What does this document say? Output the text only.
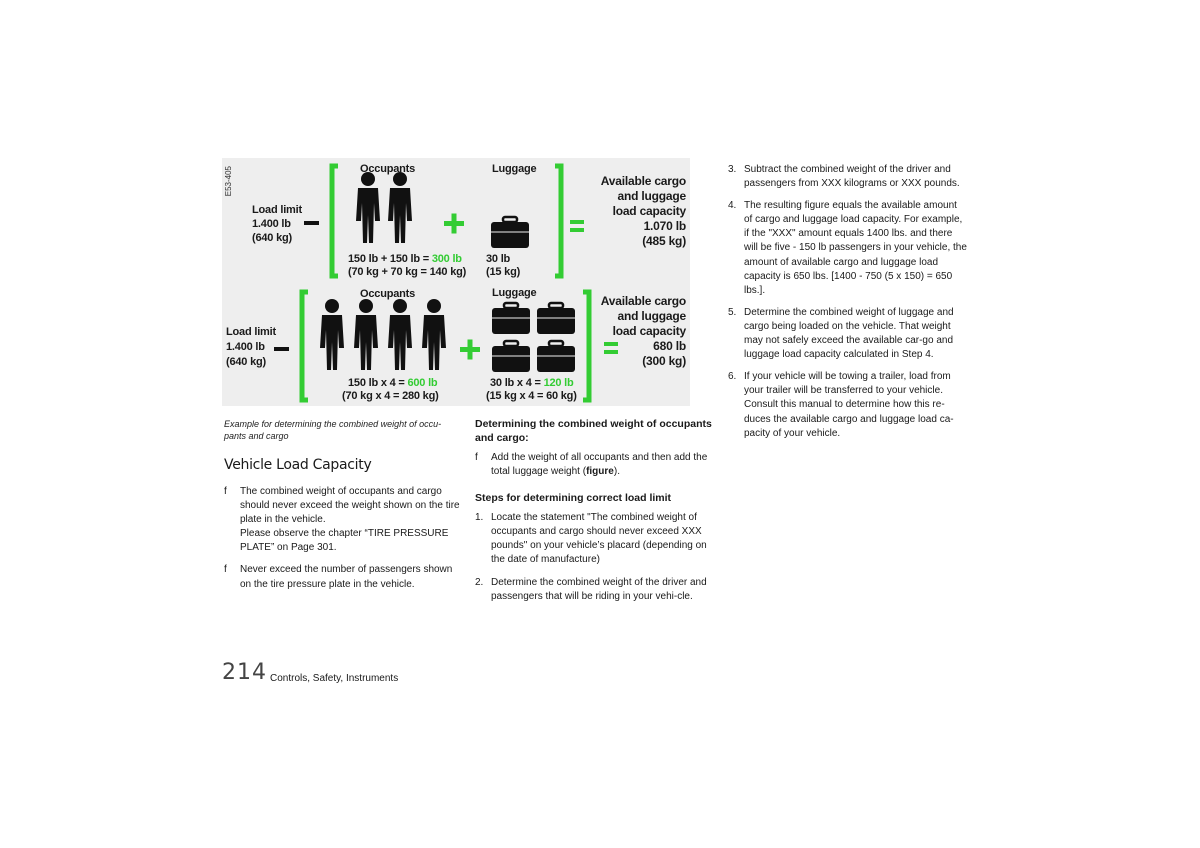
E53-405
Load limit
1.400 lb
(640 kg)
Occupants
150 lb + 150 lb = 300 lb
(70 kg + 70 kg = 140 kg)
Luggage
30 lb
(15 kg)
Available cargo
and luggage
load capacity
1.070 lb
(485 kg)
Load limit
1.400 lb
(640 kg)
Occupants
150 lb x 4 = 600 lb
(70 kg x 4 = 280 kg)
Luggage
30 lb x 4 = 120 lb
(15 kg x 4 = 60 kg)
Available cargo
and luggage
load capacity
680 lb
(300 kg)
Example for determining the combined weight of occu-pants and cargo
Vehicle Load Capacity
f The combined weight of occupants and cargo should never exceed the weight shown on the tire plate in the vehicle.
Please observe the chapter “TIRE PRESSURE PLATE” on Page 301.
f Never exceed the number of passengers shown on the tire pressure plate in the vehicle.
Determining the combined weight of occupants and cargo:
f Add the weight of all occupants and then add the total luggage weight (figure).
Steps for determining correct load limit
1. Locate the statement "The combined weight of occupants and cargo should never exceed XXX pounds" on your vehicle’s placard (depending on the date of manufacture)
2. Determine the combined weight of the driver and passengers that will be riding in your vehi-cle.
3. Subtract the combined weight of the driver and passengers from XXX kilograms or XXX pounds.
4. The resulting figure equals the available amount of cargo and luggage load capacity. For example, if the "XXX" amount equals 1400 lbs. and there will be five - 150 lb passengers in your vehicle, the amount of available cargo and luggage load capacity is 650 lbs. [1400 - 750 (5 x 150) = 650 lbs.].
5. Determine the combined weight of luggage and cargo being loaded on the vehicle. That weight may not safely exceed the available car-go and luggage load capacity calculated in Step 4.
6. If your vehicle will be towing a trailer, load from your trailer will be transferred to your vehicle. Consult this manual to determine how this re-duces the available cargo and luggage load ca-pacity of your vehicle.
214 Controls, Safety, Instruments
